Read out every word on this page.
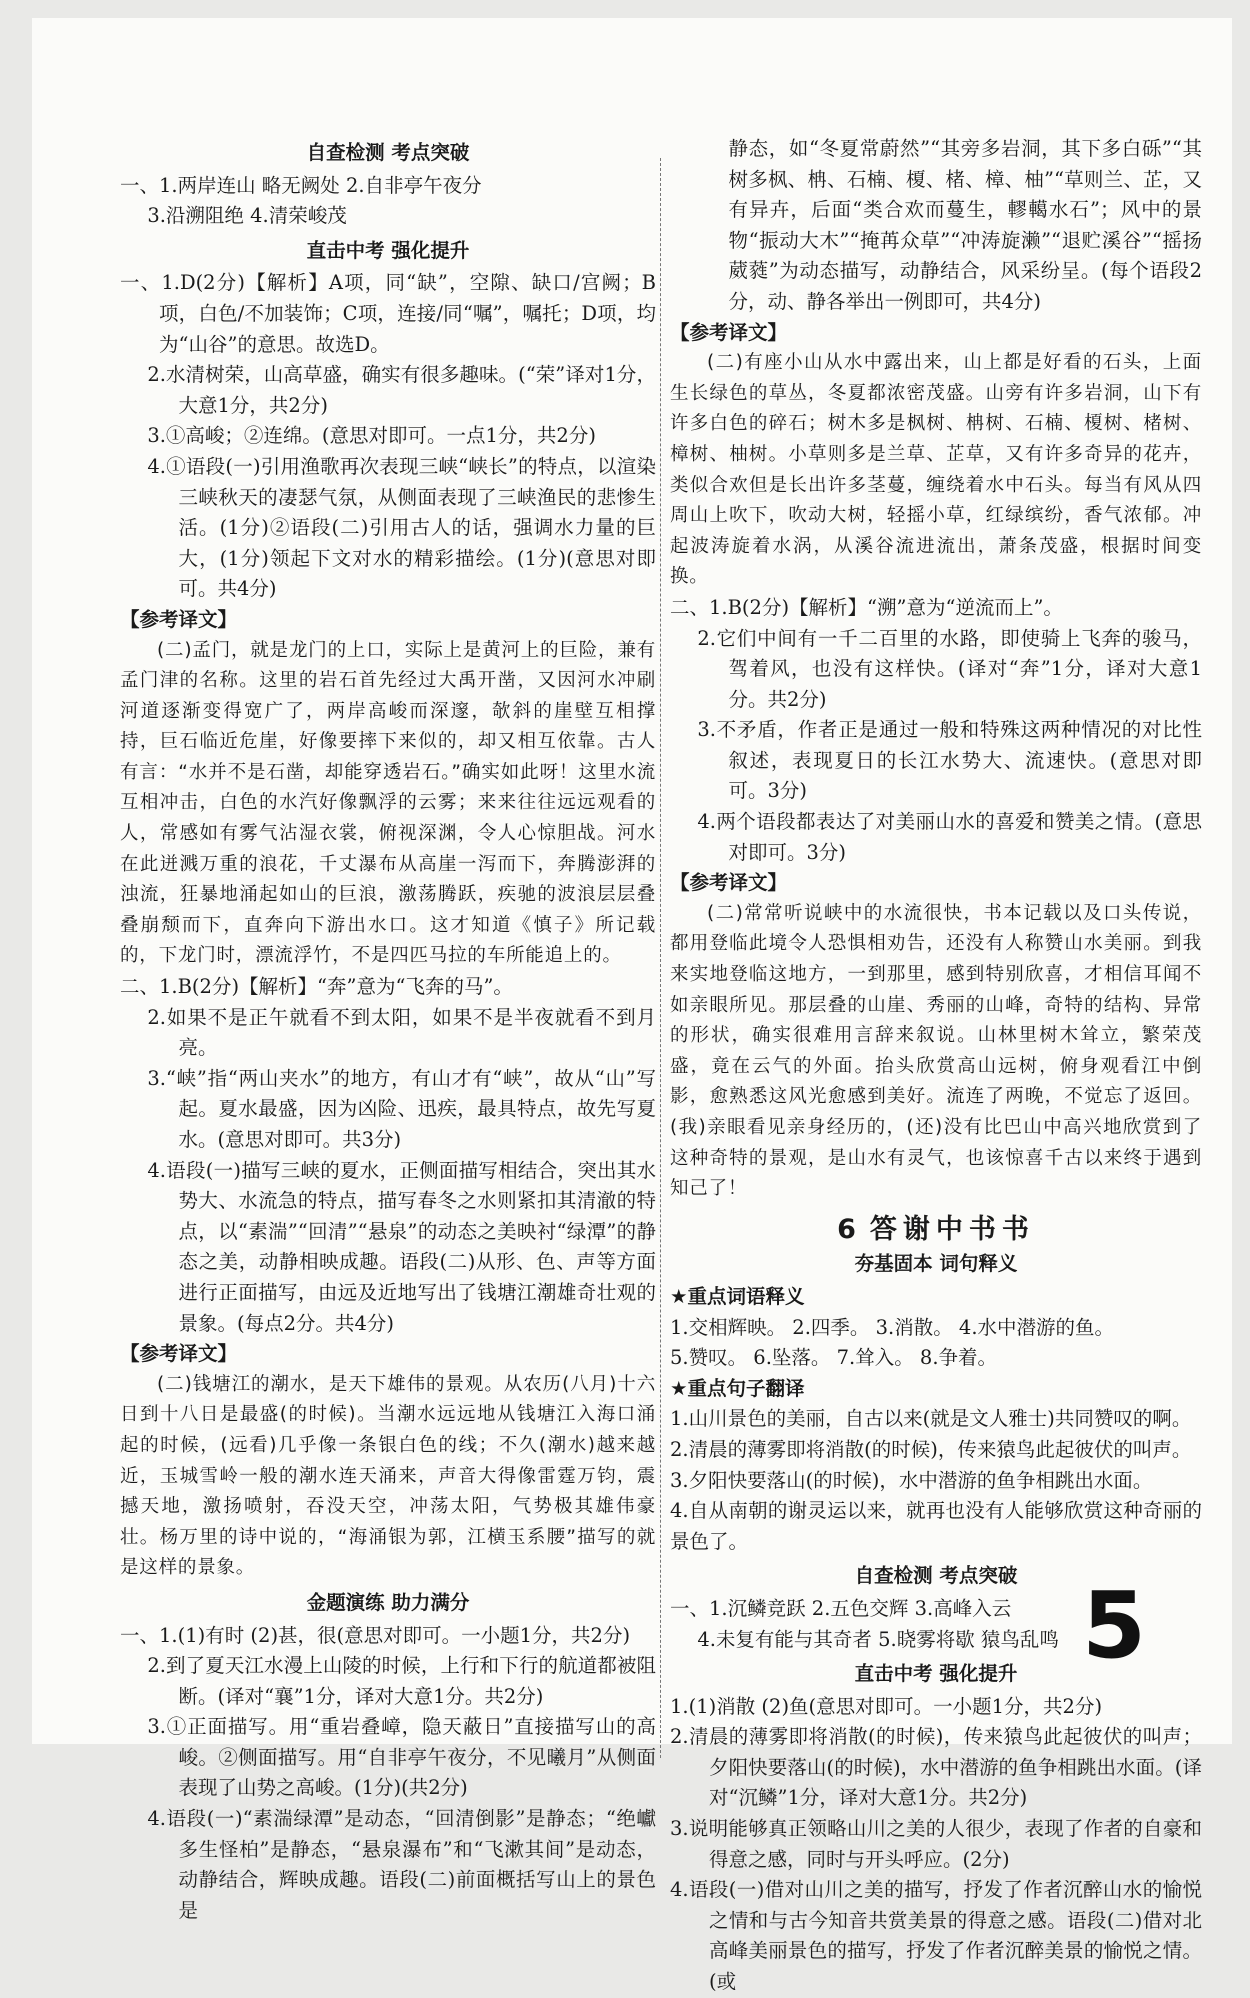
自查检测 考点突破
一、1.两岸连山 略无阙处 2.自非亭午夜分
3.沿溯阻绝 4.清荣峻茂
直击中考 强化提升
一、1.D(2分)【解析】A项，同“缺”，空隙、缺口/宫阙；B项，白色/不加装饰；C项，连接/同“嘱”，嘱托；D项，均为“山谷”的意思。故选D。
2.水清树荣，山高草盛，确实有很多趣味。(“荣”译对1分，大意1分，共2分)
3.①高峻；②连绵。(意思对即可。一点1分，共2分)
4.①语段(一)引用渔歌再次表现三峡“峡长”的特点，以渲染三峡秋天的凄瑟气氛，从侧面表现了三峡渔民的悲惨生活。(1分)②语段(二)引用古人的话，强调水力量的巨大，(1分)领起下文对水的精彩描绘。(1分)(意思对即可。共4分)
【参考译文】
(二)孟门，就是龙门的上口，实际上是黄河上的巨险，兼有孟门津的名称。这里的岩石首先经过大禹开凿，又因河水冲刷河道逐渐变得宽广了，两岸高峻而深邃，欹斜的崖壁互相撑持，巨石临近危崖，好像要摔下来似的，却又相互依靠。古人有言：“水并不是石凿，却能穿透岩石。”确实如此呀！这里水流互相冲击，白色的水汽好像飘浮的云雾；来来往往远远观看的人，常感如有雾气沾湿衣裳，俯视深渊，令人心惊胆战。河水在此迸溅万重的浪花，千丈瀑布从高崖一泻而下，奔腾澎湃的浊流，狂暴地涌起如山的巨浪，激荡腾跃，疾驰的波浪层层叠叠崩颓而下，直奔向下游出水口。这才知道《慎子》所记载的，下龙门时，漂流浮竹，不是四匹马拉的车所能追上的。
二、1.B(2分)【解析】“奔”意为“飞奔的马”。
2.如果不是正午就看不到太阳，如果不是半夜就看不到月亮。
3.“峡”指“两山夹水”的地方，有山才有“峡”，故从“山”写起。夏水最盛，因为凶险、迅疾，最具特点，故先写夏水。(意思对即可。共3分)
4.语段(一)描写三峡的夏水，正侧面描写相结合，突出其水势大、水流急的特点，描写春冬之水则紧扣其清澈的特点，以“素湍”“回清”“悬泉”的动态之美映衬“绿潭”的静态之美，动静相映成趣。语段(二)从形、色、声等方面进行正面描写，由远及近地写出了钱塘江潮雄奇壮观的景象。(每点2分。共4分)
【参考译文】
(二)钱塘江的潮水，是天下雄伟的景观。从农历(八月)十六日到十八日是最盛(的时候)。当潮水远远地从钱塘江入海口涌起的时候，(远看)几乎像一条银白色的线；不久(潮水)越来越近，玉城雪岭一般的潮水连天涌来，声音大得像雷霆万钧，震撼天地，激扬喷射，吞没天空，冲荡太阳，气势极其雄伟豪壮。杨万里的诗中说的，“海涌银为郭，江横玉系腰”描写的就是这样的景象。
金题演练 助力满分
一、1.(1)有时 (2)甚，很(意思对即可。一小题1分，共2分)
2.到了夏天江水漫上山陵的时候，上行和下行的航道都被阻断。(译对“襄”1分，译对大意1分。共2分)
3.①正面描写。用“重岩叠嶂，隐天蔽日”直接描写山的高峻。②侧面描写。用“自非亭午夜分，不见曦月”从侧面表现了山势之高峻。(1分)(共2分)
4.语段(一)“素湍绿潭”是动态，“回清倒影”是静态；“绝巘多生怪柏”是静态，“悬泉瀑布”和“飞漱其间”是动态，动静结合，辉映成趣。语段(二)前面概括写山上的景色是
静态，如“冬夏常蔚然”“其旁多岩洞，其下多白砾”“其树多枫、柟、石楠、榎、楮、樟、柚”“草则兰、芷，又有异卉，后面“类合欢而蔓生，轇轕水石”；风中的景物“振动大木”“掩苒众草”“冲涛旋濑”“退贮溪谷”“摇扬葳蕤”为动态描写，动静结合，风采纷呈。(每个语段2分，动、静各举出一例即可，共4分)
【参考译文】
(二)有座小山从水中露出来，山上都是好看的石头，上面生长绿色的草丛，冬夏都浓密茂盛。山旁有许多岩洞，山下有许多白色的碎石；树木多是枫树、柟树、石楠、榎树、楮树、樟树、柚树。小草则多是兰草、芷草，又有许多奇异的花卉，类似合欢但是长出许多茎蔓，缠绕着水中石头。每当有风从四周山上吹下，吹动大树，轻摇小草，红绿缤纷，香气浓郁。冲起波涛旋着水涡，从溪谷流进流出，萧条茂盛，根据时间变换。
二、1.B(2分)【解析】“溯”意为“逆流而上”。
2.它们中间有一千二百里的水路，即使骑上飞奔的骏马，驾着风，也没有这样快。(译对“奔”1分，译对大意1分。共2分)
3.不矛盾，作者正是通过一般和特殊这两种情况的对比性叙述，表现夏日的长江水势大、流速快。(意思对即可。3分)
4.两个语段都表达了对美丽山水的喜爱和赞美之情。(意思对即可。3分)
【参考译文】
(二)常常听说峡中的水流很快，书本记载以及口头传说，都用登临此境令人恐惧相劝告，还没有人称赞山水美丽。到我来实地登临这地方，一到那里，感到特别欣喜，才相信耳闻不如亲眼所见。那层叠的山崖、秀丽的山峰，奇特的结构、异常的形状，确实很难用言辞来叙说。山林里树木耸立，繁荣茂盛，竟在云气的外面。抬头欣赏高山远树，俯身观看江中倒影，愈熟悉这风光愈感到美好。流连了两晚，不觉忘了返回。(我)亲眼看见亲身经历的，(还)没有比巴山中高兴地欣赏到了这种奇特的景观，是山水有灵气，也该惊喜千古以来终于遇到知己了！
6 答谢中书书
夯基固本 词句释义
★重点词语释义
1.交相辉映。 2.四季。 3.消散。 4.水中潜游的鱼。
5.赞叹。 6.坠落。 7.耸入。 8.争着。
★重点句子翻译
1.山川景色的美丽，自古以来(就是文人雅士)共同赞叹的啊。
2.清晨的薄雾即将消散(的时候)，传来猿鸟此起彼伏的叫声。
3.夕阳快要落山(的时候)，水中潜游的鱼争相跳出水面。
4.自从南朝的谢灵运以来，就再也没有人能够欣赏这种奇丽的景色了。
自查检测 考点突破
一、1.沉鳞竞跃 2.五色交辉 3.高峰入云
4.未复有能与其奇者 5.晓雾将歇 猿鸟乱鸣
直击中考 强化提升
1.(1)消散 (2)鱼(意思对即可。一小题1分，共2分)
2.清晨的薄雾即将消散(的时候)，传来猿鸟此起彼伏的叫声；夕阳快要落山(的时候)，水中潜游的鱼争相跳出水面。(译对“沉鳞”1分，译对大意1分。共2分)
3.说明能够真正领略山川之美的人很少，表现了作者的自豪和得意之感，同时与开头呼应。(2分)
4.语段(一)借对山川之美的描写，抒发了作者沉醉山水的愉悦之情和与古今知音共赏美景的得意之感。语段(二)借对北高峰美丽景色的描写，抒发了作者沉醉美景的愉悦之情。(或
5
